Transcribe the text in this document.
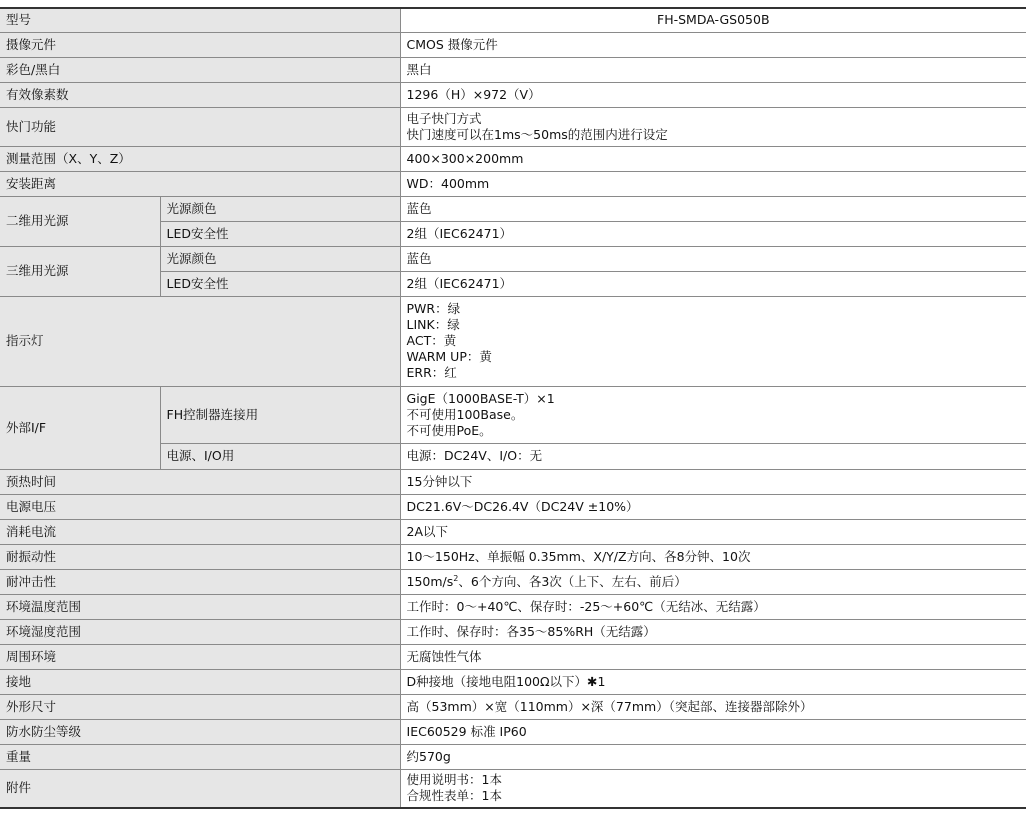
型号		FH-SMDA-GS050B
摄像元件		CMOS 摄像元件
彩色/黑白		黑白
有效像素数		1296（H）×972（V）
快门功能		电子快门方式
快门速度可以在1ms～50ms的范围内进行设定

测量范围（X、Y、Z）		400×300×200mm
安装距离		WD：400mm
二维用光源	光源颜色	蓝色
	LED安全性	2组（IEC62471）
三维用光源	光源颜色	蓝色
	LED安全性	2组（IEC62471）
指示灯		PWR：绿
LINK：绿
ACT：黄
WARM UP：黄
ERR：红

外部I/F	FH控制器连接用	GigE（1000BASE-T）×1
不可使用100Base。
不可使用PoE。

	电源、I/O用	电源：DC24V、I/O：无
预热时间		15分钟以下
电源电压		DC21.6V～DC26.4V（DC24V ±10%）
消耗电流		2A以下
耐振动性		10～150Hz、单振幅 0.35mm、X/Y/Z方向、各8分钟、10次
耐冲击性		$150m/s^2$、6个方向、各3次（上下、左右、前后）
环境温度范围		工作时：0～+40℃、保存时：-25～+60℃（无结冰、无结露）
环境湿度范围		工作时、保存时：各35～85%RH（无结露）
周围环境		无腐蚀性气体
接地		D种接地（接地电阻100Ω以下）✱1
外形尺寸		高（53mm）×宽（110mm）×深（77mm）（突起部、连接器部除外）
防水防尘等级		IEC60529 标准 IP60
重量		约570g
附件		使用说明书：1本
合规性表单：1本
